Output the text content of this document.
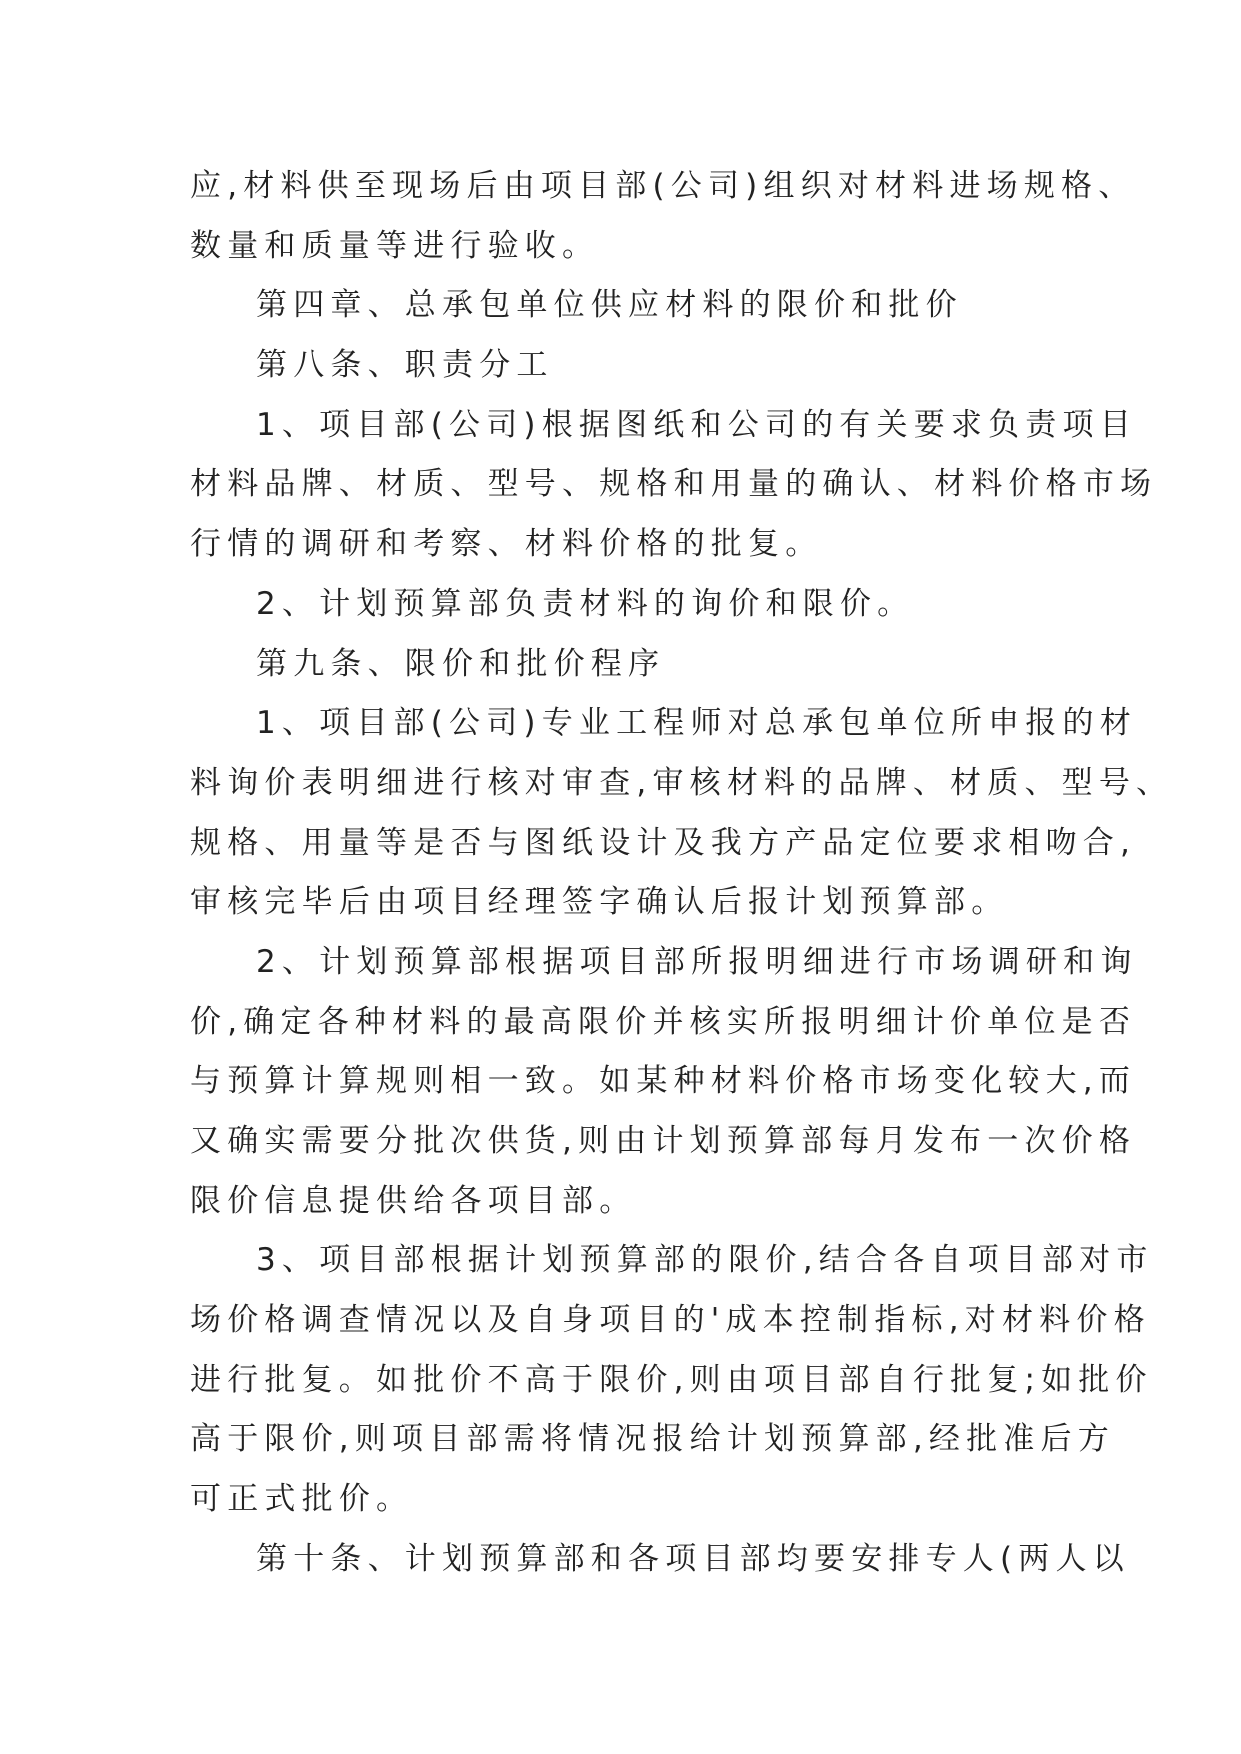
应,材料供至现场后由项目部(公司)组织对材料进场规格、
数量和质量等进行验收。
第四章、总承包单位供应材料的限价和批价
第八条、职责分工
1、项目部(公司)根据图纸和公司的有关要求负责项目
材料品牌、材质、型号、规格和用量的确认、材料价格市场
行情的调研和考察、材料价格的批复。
2、计划预算部负责材料的询价和限价。
第九条、限价和批价程序
1、项目部(公司)专业工程师对总承包单位所申报的材
料询价表明细进行核对审查,审核材料的品牌、材质、型号、
规格、用量等是否与图纸设计及我方产品定位要求相吻合,
审核完毕后由项目经理签字确认后报计划预算部。
2、计划预算部根据项目部所报明细进行市场调研和询
价,确定各种材料的最高限价并核实所报明细计价单位是否
与预算计算规则相一致。如某种材料价格市场变化较大,而
又确实需要分批次供货,则由计划预算部每月发布一次价格
限价信息提供给各项目部。
3、项目部根据计划预算部的限价,结合各自项目部对市
场价格调查情况以及自身项目的'成本控制指标,对材料价格
进行批复。如批价不高于限价,则由项目部自行批复;如批价
高于限价,则项目部需将情况报给计划预算部,经批准后方
可正式批价。
第十条、计划预算部和各项目部均要安排专人(两人以
